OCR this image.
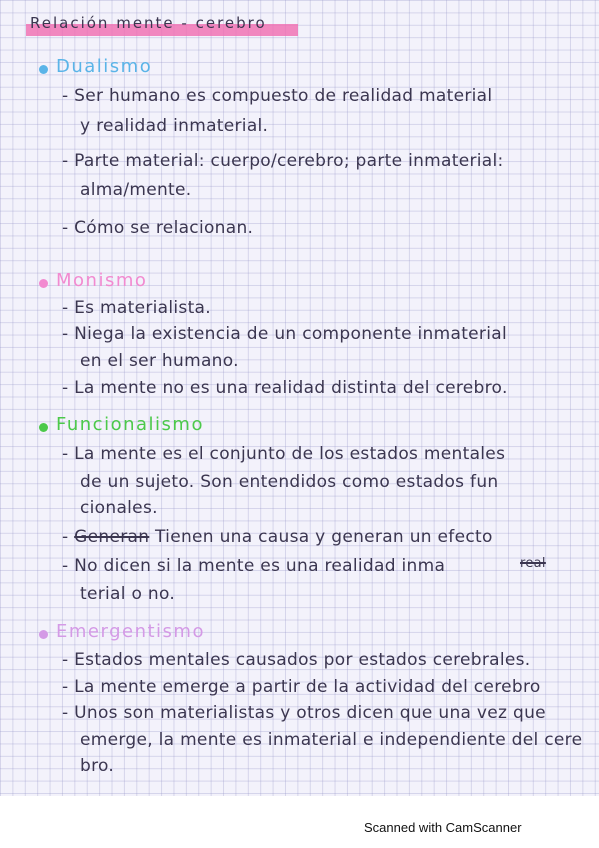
Relación mente - cerebro
Dualismo

- Ser humano es compuesto de realidad material

y realidad inmaterial.

- Parte material: cuerpo/cerebro; parte inmaterial:

alma/mente.

- Cómo se relacionan.

Monismo

- Es materialista.

- Niega la existencia de un componente inmaterial

en el ser humano.

- La mente no es una realidad distinta del cerebro.

Funcionalismo

- La mente es el conjunto de los estados mentales

de un sujeto. Son entendidos como estados fun

cionales.

- Generan Tienen una causa y generan un efecto

- No dicen si la mente es una realidad inma	real

terial o no.

Emergentismo

- Estados mentales causados por estados cerebrales.

- La mente emerge a partir de la actividad del cerebro

- Unos son materialistas y otros dicen que una vez que

emerge, la mente es inmaterial e independiente del cere

bro.

Scanned with CamScanner
